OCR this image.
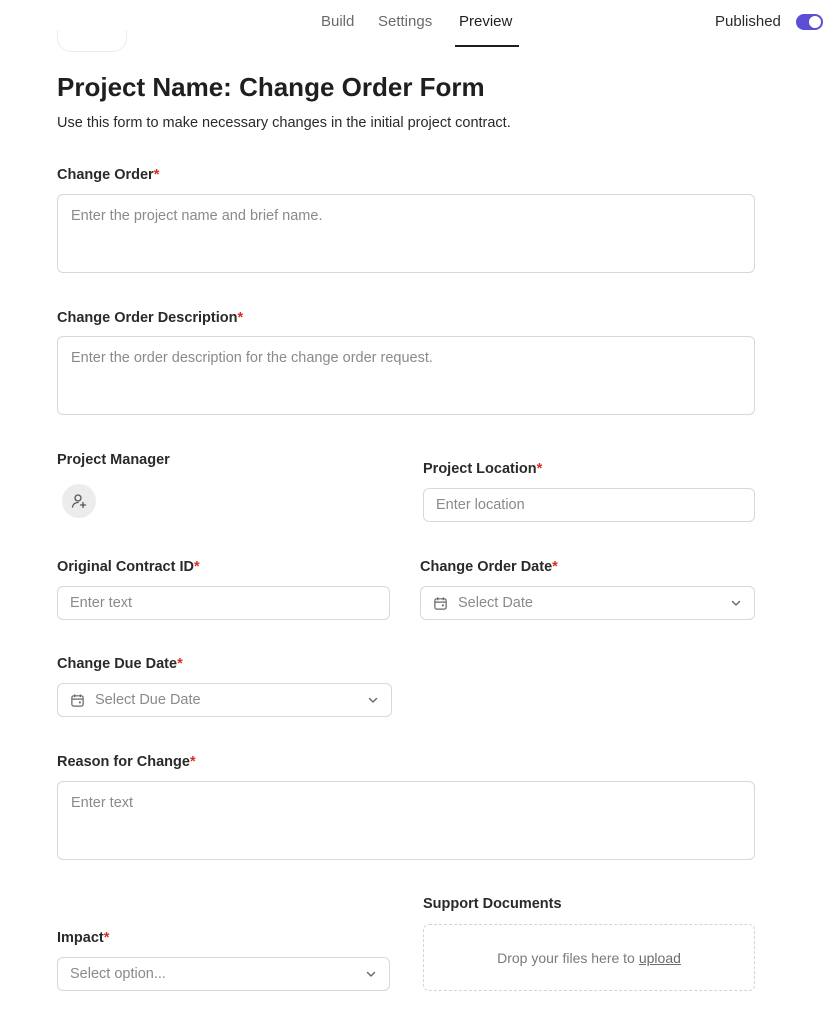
Build Settings Preview	Published
Project Name: Change Order Form

Use this form to make necessary changes in the initial project contract.

Change Order*
Enter the project name and brief name.
Change Order Description*
Enter the order description for the change order request.
Project Manager
Project Location*
Enter location
Original Contract ID*
Enter text
Change Order Date*
Select Date
Change Due Date*
Select Due Date
Reason for Change*
Enter text
Support Documents
Drop your files here to upload
Impact*
Select option...
